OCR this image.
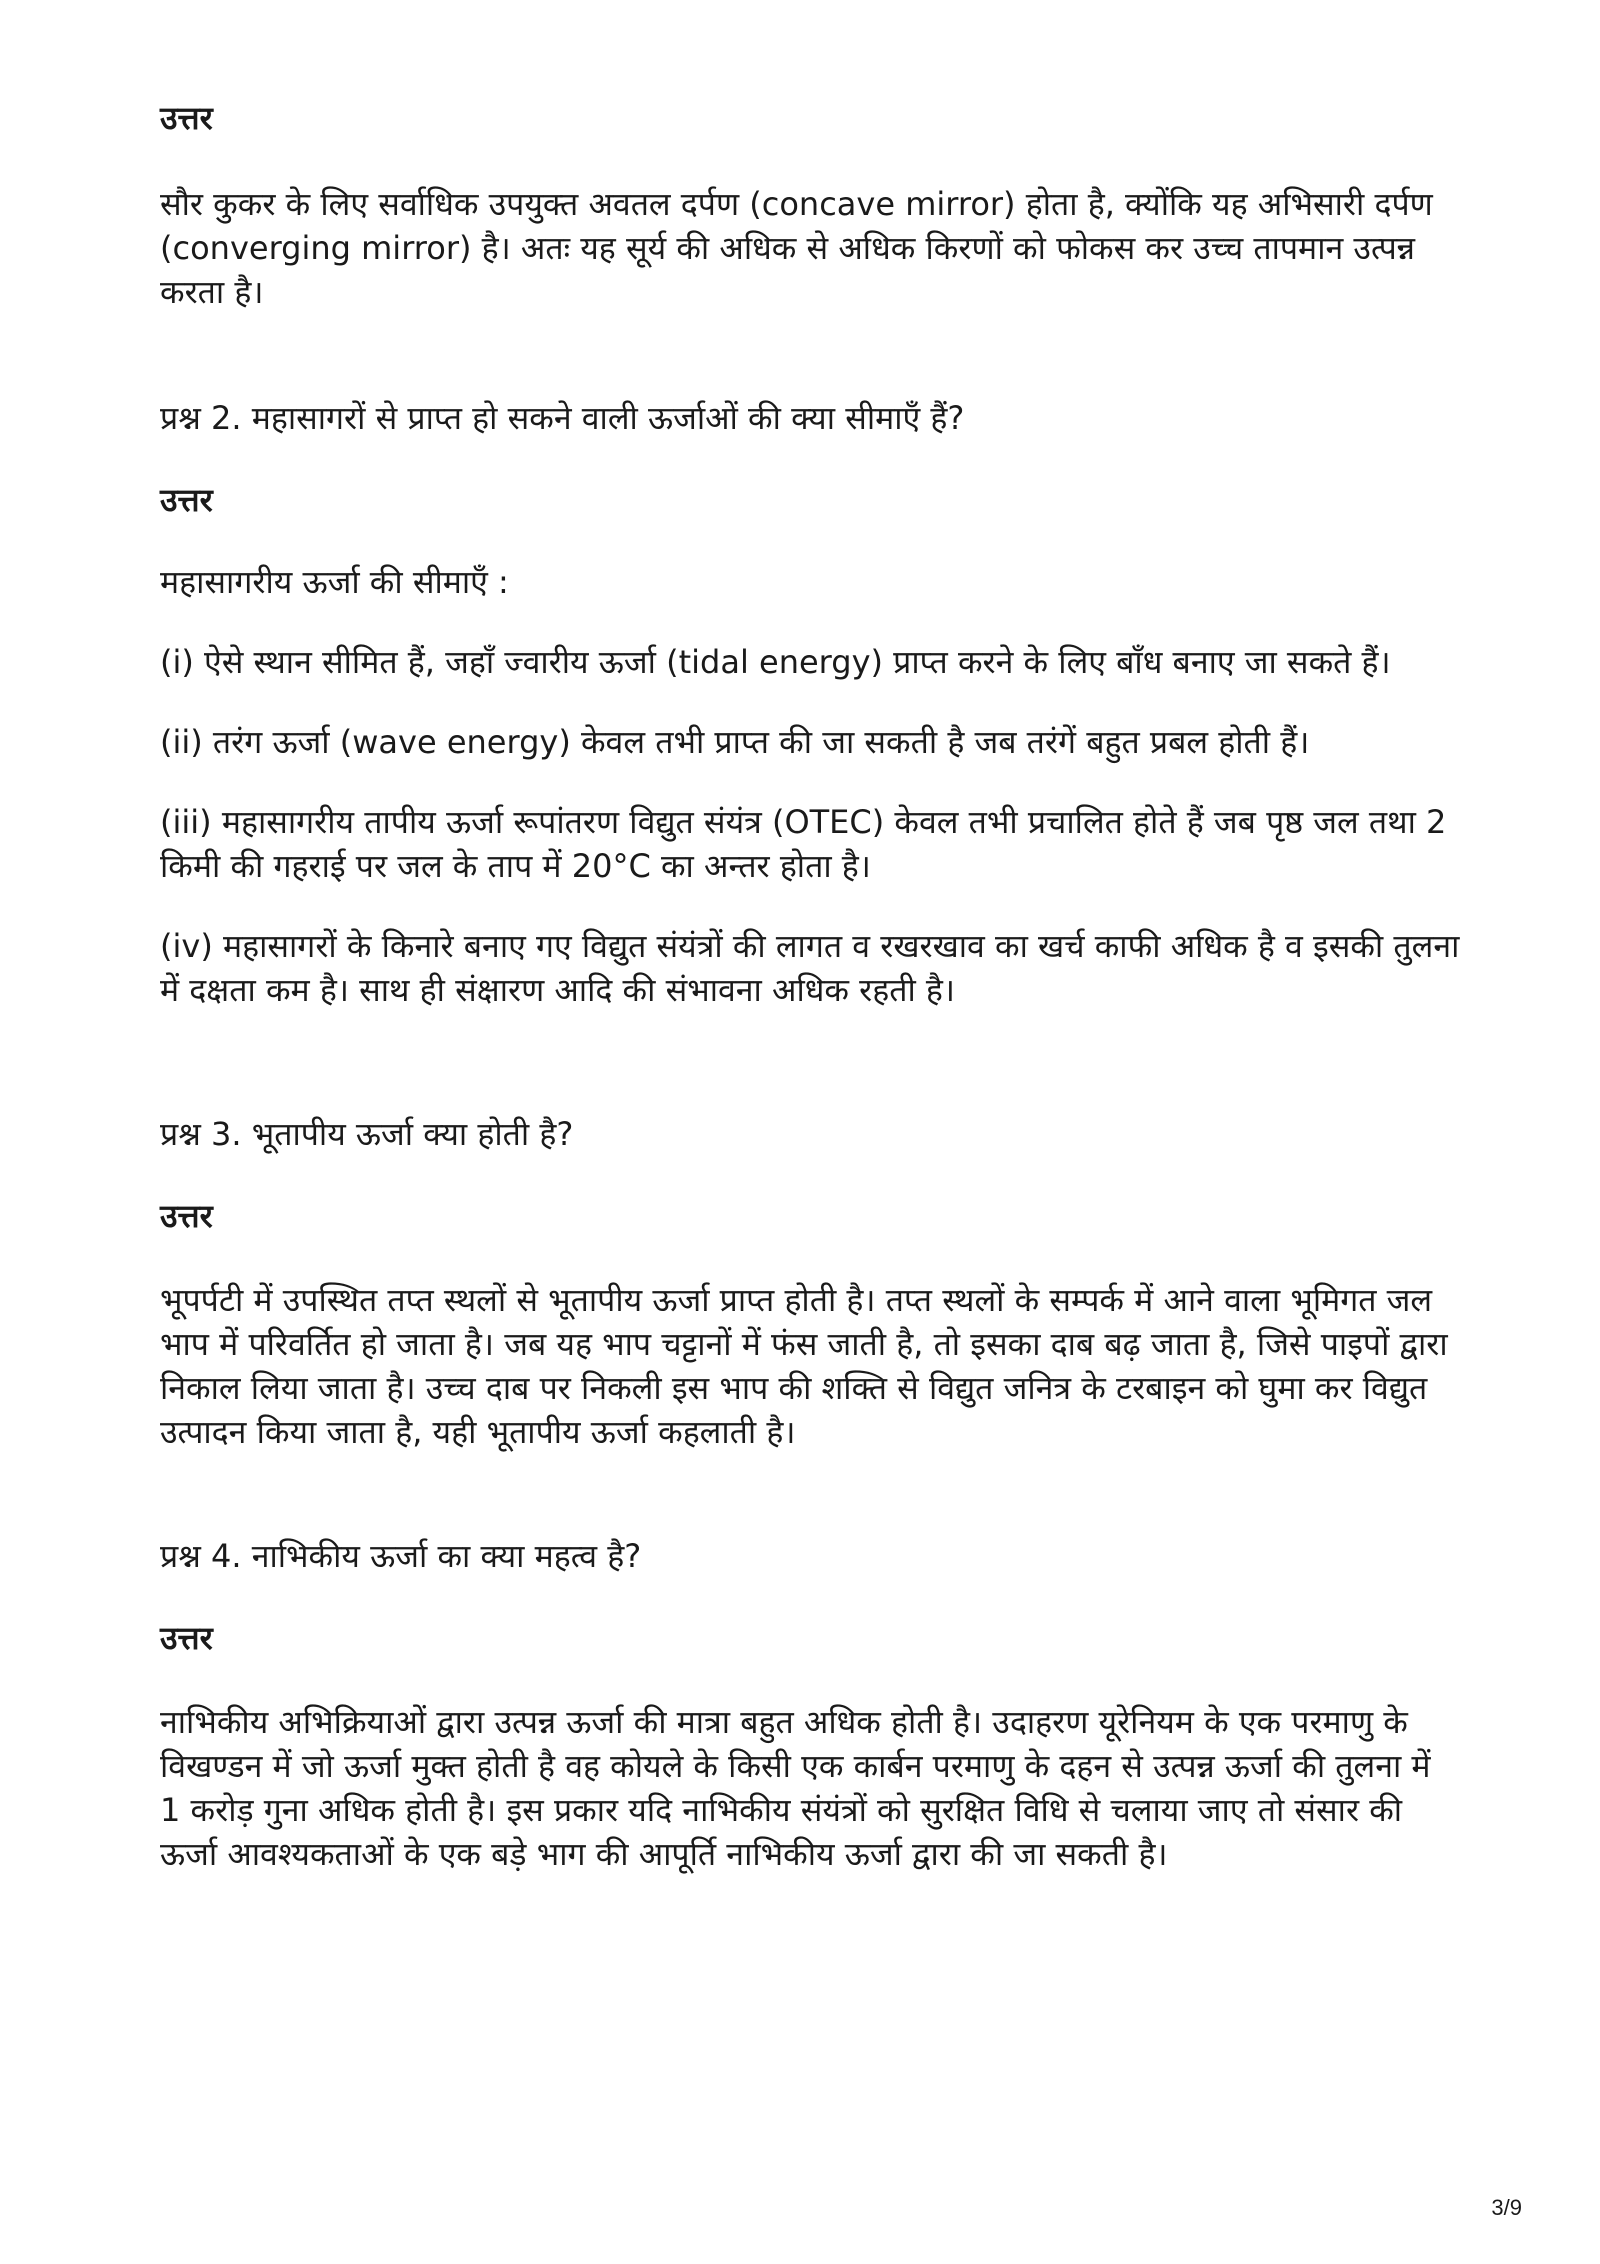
उत्तर

सौर कुकर के लिए सर्वाधिक उपयुक्त अवतल दर्पण (concave mirror) होता है, क्योंकि यह अभिसारी दर्पण (converging mirror) है। अतः यह सूर्य की अधिक से अधिक किरणों को फोकस कर उच्च तापमान उत्पन्न करता है।

प्रश्न 2. महासागरों से प्राप्त हो सकने वाली ऊर्जाओं की क्या सीमाएँ हैं?

उत्तर

महासागरीय ऊर्जा की सीमाएँ :

(i) ऐसे स्थान सीमित हैं, जहाँ ज्वारीय ऊर्जा (tidal energy) प्राप्त करने के लिए बाँध बनाए जा सकते हैं।

(ii) तरंग ऊर्जा (wave energy) केवल तभी प्राप्त की जा सकती है जब तरंगें बहुत प्रबल होती हैं।

(iii) महासागरीय तापीय ऊर्जा रूपांतरण विद्युत संयंत्र (OTEC) केवल तभी प्रचालित होते हैं जब पृष्ठ जल तथा 2 किमी की गहराई पर जल के ताप में 20°C का अन्तर होता है।

(iv) महासागरों के किनारे बनाए गए विद्युत संयंत्रों की लागत व रखरखाव का खर्च काफी अधिक है व इसकी तुलना में दक्षता कम है। साथ ही संक्षारण आदि की संभावना अधिक रहती है।

प्रश्न 3. भूतापीय ऊर्जा क्या होती है?

उत्तर

भूपर्पटी में उपस्थित तप्त स्थलों से भूतापीय ऊर्जा प्राप्त होती है। तप्त स्थलों के सम्पर्क में आने वाला भूमिगत जल भाप में परिवर्तित हो जाता है। जब यह भाप चट्टानों में फंस जाती है, तो इसका दाब बढ़ जाता है, जिसे पाइपों द्वारा निकाल लिया जाता है। उच्च दाब पर निकली इस भाप की शक्ति से विद्युत जनित्र के टरबाइन को घुमा कर विद्युत उत्पादन किया जाता है, यही भूतापीय ऊर्जा कहलाती है।

प्रश्न 4. नाभिकीय ऊर्जा का क्या महत्व है?

उत्तर

नाभिकीय अभिक्रियाओं द्वारा उत्पन्न ऊर्जा की मात्रा बहुत अधिक होती है। उदाहरण यूरेनियम के एक परमाणु के विखण्डन में जो ऊर्जा मुक्त होती है वह कोयले के किसी एक कार्बन परमाणु के दहन से उत्पन्न ऊर्जा की तुलना में 1 करोड़ गुना अधिक होती है। इस प्रकार यदि नाभिकीय संयंत्रों को सुरक्षित विधि से चलाया जाए तो संसार की ऊर्जा आवश्यकताओं के एक बड़े भाग की आपूर्ति नाभिकीय ऊर्जा द्वारा की जा सकती है।

3/9
